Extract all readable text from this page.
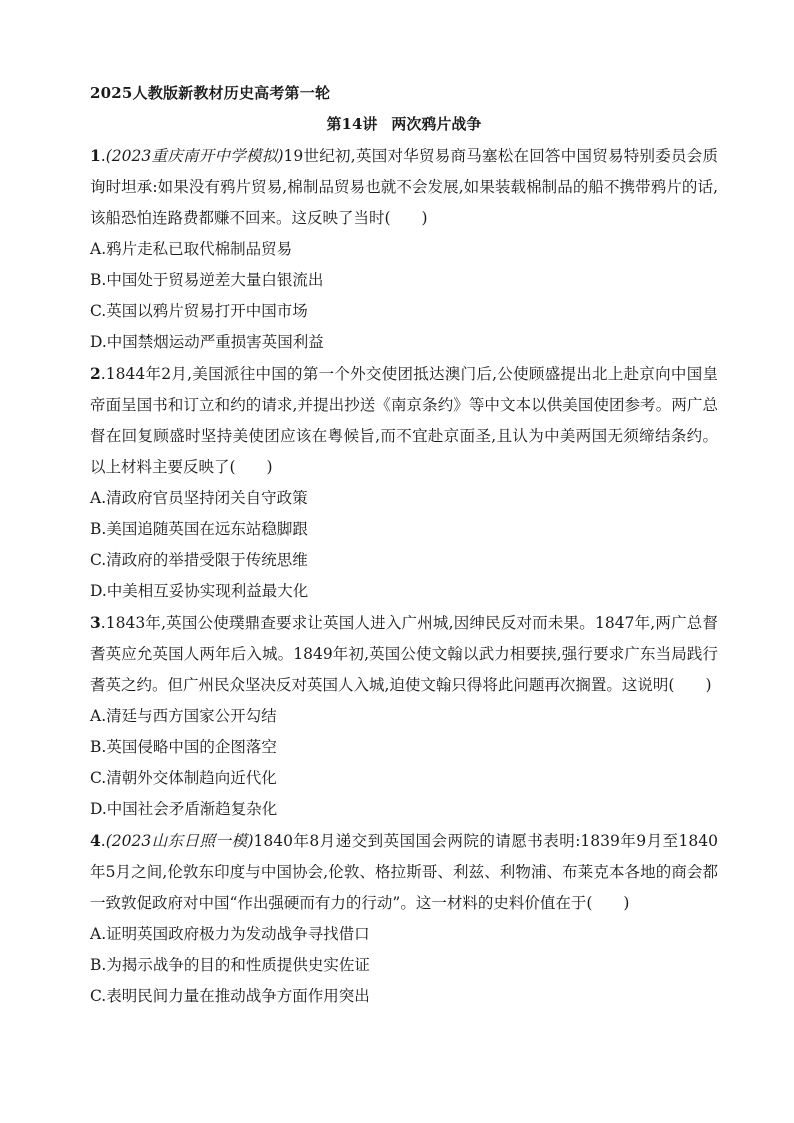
2025人教版新教材历史高考第一轮
第14讲 两次鸦片战争
1.(2023重庆南开中学模拟)19世纪初,英国对华贸易商马塞松在回答中国贸易特别委员会质询时坦承:如果没有鸦片贸易,棉制品贸易也就不会发展,如果装载棉制品的船不携带鸦片的话,该船恐怕连路费都赚不回来。这反映了当时(　　)
A.鸦片走私已取代棉制品贸易
B.中国处于贸易逆差大量白银流出
C.英国以鸦片贸易打开中国市场
D.中国禁烟运动严重损害英国利益
2.1844年2月,美国派往中国的第一个外交使团抵达澳门后,公使顾盛提出北上赴京向中国皇帝面呈国书和订立和约的请求,并提出抄送《南京条约》等中文本以供美国使团参考。两广总督在回复顾盛时坚持美使团应该在粤候旨,而不宜赴京面圣,且认为中美两国无须缔结条约。以上材料主要反映了(　　)
A.清政府官员坚持闭关自守政策
B.美国追随英国在远东站稳脚跟
C.清政府的举措受限于传统思维
D.中美相互妥协实现利益最大化
3.1843年,英国公使璞鼎查要求让英国人进入广州城,因绅民反对而未果。1847年,两广总督耆英应允英国人两年后入城。1849年初,英国公使文翰以武力相要挟,强行要求广东当局践行耆英之约。但广州民众坚决反对英国人入城,迫使文翰只得将此问题再次搁置。这说明(　　)
A.清廷与西方国家公开勾结
B.英国侵略中国的企图落空
C.清朝外交体制趋向近代化
D.中国社会矛盾渐趋复杂化
4.(2023山东日照一模)1840年8月递交到英国国会两院的请愿书表明:1839年9月至1840年5月之间,伦敦东印度与中国协会,伦敦、格拉斯哥、利兹、利物浦、布莱克本各地的商会都一致敦促政府对中国“作出强硬而有力的行动”。这一材料的史料价值在于(　　)
A.证明英国政府极力为发动战争寻找借口
B.为揭示战争的目的和性质提供史实佐证
C.表明民间力量在推动战争方面作用突出
